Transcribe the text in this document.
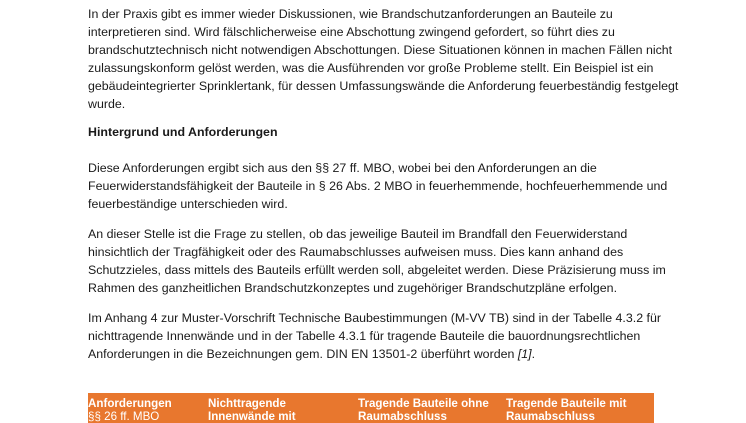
In der Praxis gibt es immer wieder Diskussionen, wie Brandschutzanforderungen an Bauteile zu interpretieren sind. Wird fälschlicherweise eine Abschottung zwingend gefordert, so führt dies zu brandschutztechnisch nicht notwendigen Abschottungen. Diese Situationen können in machen Fällen nicht zulassungskonform gelöst werden, was die Ausführenden vor große Probleme stellt. Ein Beispiel ist ein gebäudeintegrierter Sprinklertank, für dessen Umfassungswände die Anforderung feuerbeständig festgelegt wurde.

Hintergrund und Anforderungen

Diese Anforderungen ergibt sich aus den §§ 27 ff. MBO, wobei bei den Anforderungen an die Feuerwiderstandsfähigkeit der Bauteile in § 26 Abs. 2 MBO in feuerhemmende, hochfeuerhemmende und feuerbeständige unterschieden wird.

An dieser Stelle ist die Frage zu stellen, ob das jeweilige Bauteil im Brandfall den Feuerwiderstand hinsichtlich der Tragfähigkeit oder des Raumabschlusses aufweisen muss. Dies kann anhand des Schutzzieles, dass mittels des Bauteils erfüllt werden soll, abgeleitet werden. Diese Präzisierung muss im Rahmen des ganzheitlichen Brandschutzkonzeptes und zugehöriger Brandschutzpläne erfolgen.

Im Anhang 4 zur Muster-Vorschrift Technische Baubestimmungen (M-VV TB) sind in der Tabelle 4.3.2 für nichttragende Innenwände und in der Tabelle 4.3.1 für tragende Bauteile die bauordnungsrechtlichen Anforderungen in die Bezeichnungen gem. DIN EN 13501-2 überführt worden [1].

Anforderungen
§§ 26 ff. MBO
Nichttragende
Innenwände mit
Tragende Bauteile ohne
Raumabschluss
Tragende Bauteile mit
Raumabschluss
